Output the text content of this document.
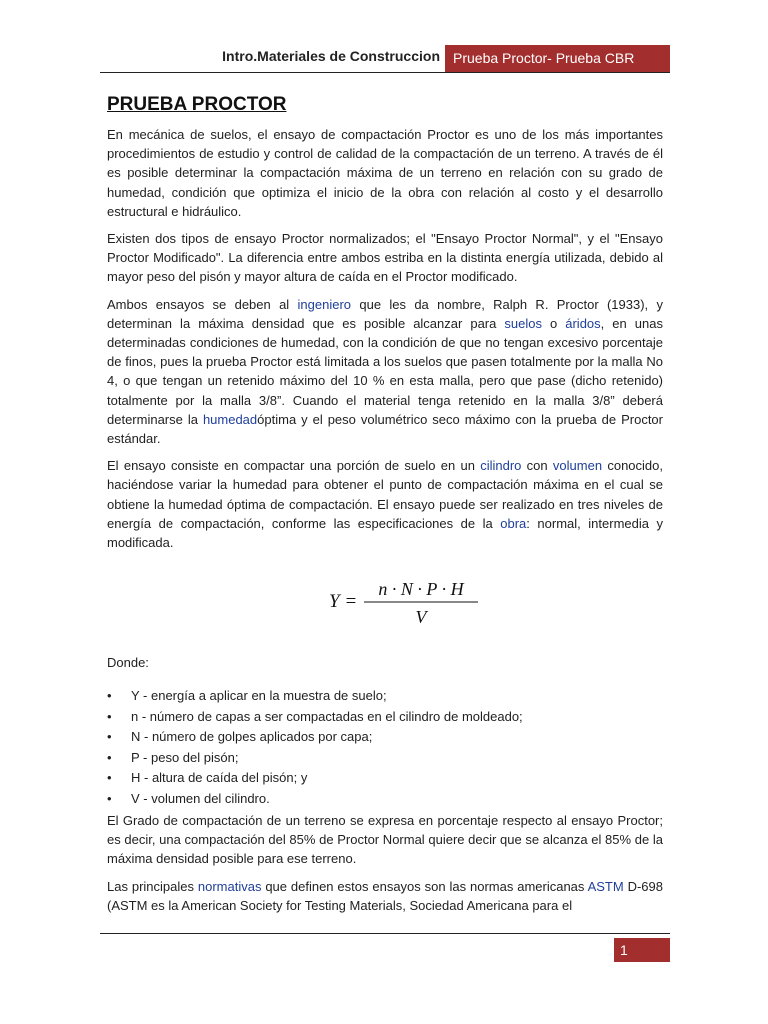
Intro.Materiales de Construccion Prueba Proctor- Prueba CBR
PRUEBA PROCTOR

En mecánica de suelos, el ensayo de compactación Proctor es uno de los más importantes procedimientos de estudio y control de calidad de la compactación de un terreno. A través de él es posible determinar la compactación máxima de un terreno en relación con su grado de humedad, condición que optimiza el inicio de la obra con relación al costo y el desarrollo estructural e hidráulico.

Existen dos tipos de ensayo Proctor normalizados; el "Ensayo Proctor Normal", y el "Ensayo Proctor Modificado". La diferencia entre ambos estriba en la distinta energía utilizada, debido al mayor peso del pisón y mayor altura de caída en el Proctor modificado.

Ambos ensayos se deben al ingeniero que les da nombre, Ralph R. Proctor (1933), y determinan la máxima densidad que es posible alcanzar para suelos o áridos, en unas determinadas condiciones de humedad, con la condición de que no tengan excesivo porcentaje de finos, pues la prueba Proctor está limitada a los suelos que pasen totalmente por la malla No 4, o que tengan un retenido máximo del 10 % en esta malla, pero que pase (dicho retenido) totalmente por la malla 3/8”. Cuando el material tenga retenido en la malla 3/8” deberá determinarse la humedadóptima y el peso volumétrico seco máximo con la prueba de Proctor estándar.

El ensayo consiste en compactar una porción de suelo en un cilindro con volumen conocido, haciéndose variar la humedad para obtener el punto de compactación máxima en el cual se obtiene la humedad óptima de compactación. El ensayo puede ser realizado en tres niveles de energía de compactación, conforme las especificaciones de la obra: normal, intermedia y modificada.

Y =
n · N · P · H
V
Donde:
• Y - energía a aplicar en la muestra de suelo;
• n - número de capas a ser compactadas en el cilindro de moldeado;
• N - número de golpes aplicados por capa;
• P - peso del pisón;
• H - altura de caída del pisón; y
• V - volumen del cilindro.

El Grado de compactación de un terreno se expresa en porcentaje respecto al ensayo Proctor; es decir, una compactación del 85% de Proctor Normal quiere decir que se alcanza el 85% de la máxima densidad posible para ese terreno.

Las principales normativas que definen estos ensayos son las normas americanas ASTM D-698 (ASTM es la American Society for Testing Materials, Sociedad Americana para el

1
